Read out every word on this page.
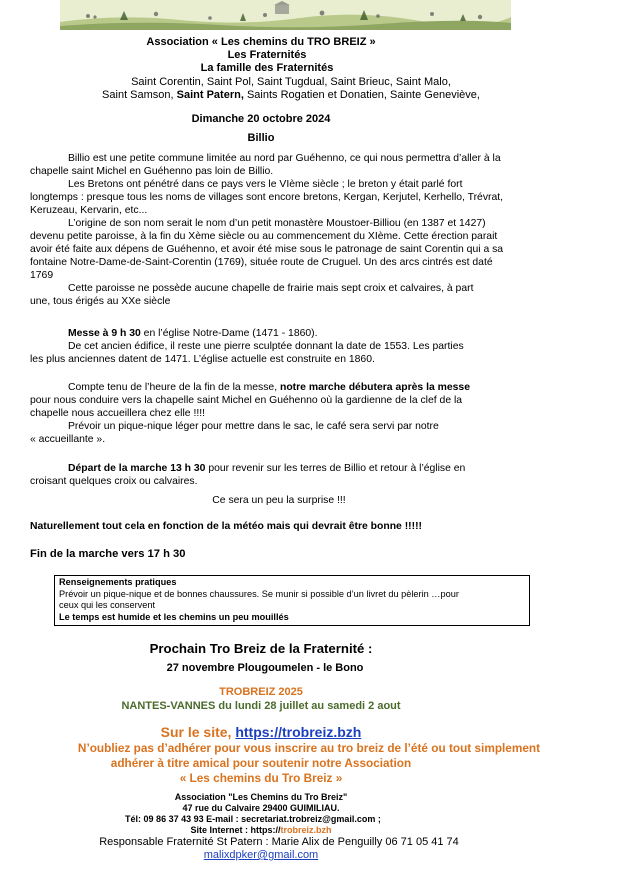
Association « Les chemins du TRO BREIZ »
Les Fraternités
La famille des Fraternités
Saint Corentin, Saint Pol, Saint Tugdual, Saint Brieuc, Saint Malo,
Saint Samson, Saint Patern, Saints Rogatien et Donatien, Sainte Geneviève,
Dimanche 20 octobre 2024
Billio
Billio est une petite commune limitée au nord par Guéhenno, ce qui nous permettra d’aller à la
chapelle saint Michel en Guéhenno pas loin de Billio.
Les Bretons ont pénétré dans ce pays vers le VIème siècle ; le breton y était parlé fort
longtemps : presque tous les noms de villages sont encore bretons, Kergan, Kerjutel, Kerhello, Trévrat,
Keruzeau, Kervarin, etc...
L’origine de son nom serait le nom d’un petit monastère Moustoer-Billiou (en 1387 et 1427)
devenu petite paroisse, à la fin du Xème siècle ou au commencement du XIème. Cette érection parait
avoir été faite aux dépens de Guéhenno, et avoir été mise sous le patronage de saint Corentin qui a sa
fontaine Notre-Dame-de-Saint-Corentin (1769), située route de Cruguel. Un des arcs cintrés est daté
1769
Cette paroisse ne possède aucune chapelle de frairie mais sept croix et calvaires, à part
une, tous érigés au XXe siècle
Messe à 9 h 30 en l’église Notre-Dame (1471 - 1860).
De cet ancien édifice, il reste une pierre sculptée donnant la date de 1553. Les parties
les plus anciennes datent de 1471. L’église actuelle est construite en 1860.
Compte tenu de l’heure de la fin de la messe, notre marche débutera après la messe
pour nous conduire vers la chapelle saint Michel en Guéhenno où la gardienne de la clef de la
chapelle nous accueillera chez elle !!!!
Prévoir un pique-nique léger pour mettre dans le sac, le café sera servi par notre
« accueillante ».
Départ de la marche 13 h 30 pour revenir sur les terres de Billio et retour à l’église en
croisant quelques croix ou calvaires.
Ce sera un peu la surprise !!!
Naturellement tout cela en fonction de la météo mais qui devrait être bonne !!!!!
Fin de la marche vers 17 h 30
Renseignements pratiques
Prévoir un pique-nique et de bonnes chaussures. Se munir si possible d’un livret du pèlerin …pour
ceux qui les conservent
Le temps est humide et les chemins un peu mouillés
Prochain Tro Breiz de la Fraternité :
27 novembre Plougoumelen - le Bono
TROBREIZ 2025
NANTES-VANNES du lundi 28 juillet au samedi 2 aout
Sur le site, https://trobreiz.bzh
N’oubliez pas d’adhérer pour vous inscrire au tro breiz de l’été ou tout simplement
adhérer à titre amical pour soutenir notre Association
« Les chemins du Tro Breiz »
Association "Les Chemins du Tro Breiz"
47 rue du Calvaire 29400 GUIMILIAU.
Tél: 09 86 37 43 93 E-mail : secretariat.trobreiz@gmail.com ;
Site Internet : https://trobreiz.bzh
Responsable Fraternité St Patern : Marie Alix de Penguilly 06 71 05 41 74
malixdpker@gmail.com
